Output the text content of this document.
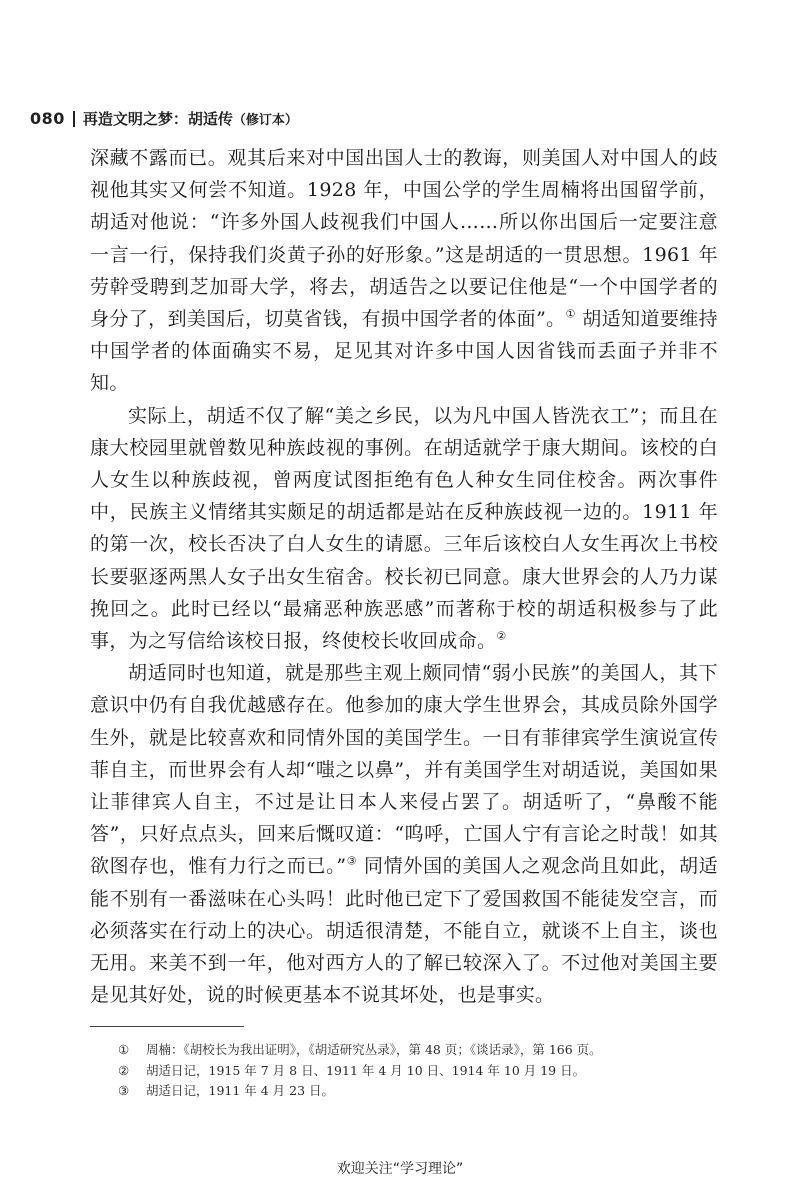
080 再造文明之梦：胡适传（修订本）

深藏不露而已。观其后来对中国出国人士的教诲，则美国人对中国人的歧视他其实又何尝不知道。1928 年，中国公学的学生周楠将出国留学前，胡适对他说：“许多外国人歧视我们中国人……所以你出国后一定要注意一言一行，保持我们炎黄子孙的好形象。”这是胡适的一贯思想。1961 年劳幹受聘到芝加哥大学，将去，胡适告之以要记住他是“一个中国学者的身分了，到美国后，切莫省钱，有损中国学者的体面”。① 胡适知道要维持中国学者的体面确实不易，足见其对许多中国人因省钱而丢面子并非不知。

实际上，胡适不仅了解“美之乡民，以为凡中国人皆洗衣工”；而且在康大校园里就曾数见种族歧视的事例。在胡适就学于康大期间。该校的白人女生以种族歧视，曾两度试图拒绝有色人种女生同住校舍。两次事件中，民族主义情绪其实颇足的胡适都是站在反种族歧视一边的。1911 年的第一次，校长否决了白人女生的请愿。三年后该校白人女生再次上书校长要驱逐两黑人女子出女生宿舍。校长初已同意。康大世界会的人乃力谋挽回之。此时已经以“最痛恶种族恶感”而著称于校的胡适积极参与了此事，为之写信给该校日报，终使校长收回成命。②

胡适同时也知道，就是那些主观上颇同情“弱小民族”的美国人，其下意识中仍有自我优越感存在。他参加的康大学生世界会，其成员除外国学生外，就是比较喜欢和同情外国的美国学生。一日有菲律宾学生演说宣传菲自主，而世界会有人却“嗤之以鼻”，并有美国学生对胡适说，美国如果让菲律宾人自主，不过是让日本人来侵占罢了。胡适听了，“鼻酸不能答”，只好点点头，回来后慨叹道：“呜呼，亡国人宁有言论之时哉！如其欲图存也，惟有力行之而已。”③ 同情外国的美国人之观念尚且如此，胡适能不别有一番滋味在心头吗！此时他已定下了爱国救国不能徒发空言，而必须落实在行动上的决心。胡适很清楚，不能自立，就谈不上自主，谈也无用。来美不到一年，他对西方人的了解已较深入了。不过他对美国主要是见其好处，说的时候更基本不说其坏处，也是事实。

①	周楠：《胡校长为我出证明》，《胡适研究丛录》，第 48 页；《谈话录》，第 166 页。
②	胡适日记，1915 年 7 月 8 日、1911 年 4 月 10 日、1914 年 10 月 19 日。
③	胡适日记，1911 年 4 月 23 日。
欢迎关注“学习理论”
